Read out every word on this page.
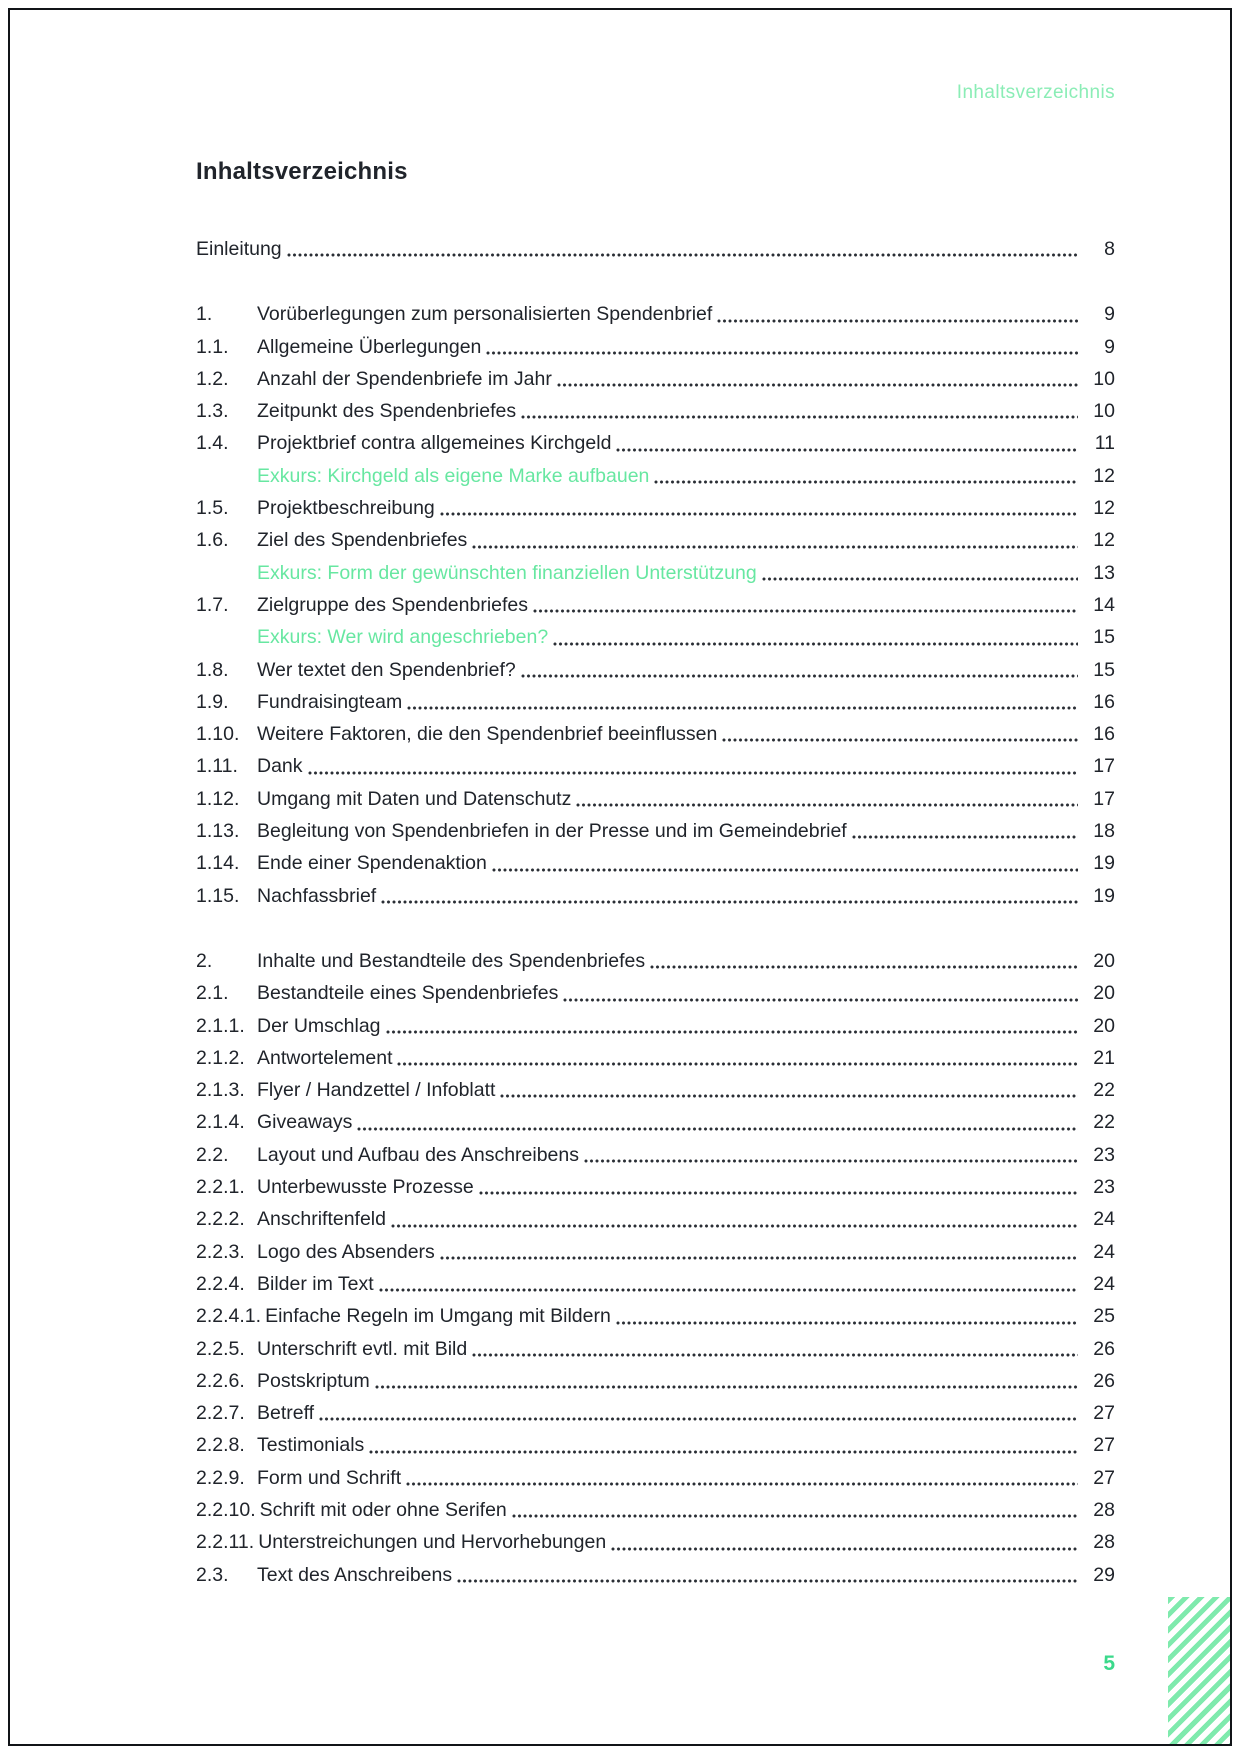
Inhaltsverzeichnis
Inhaltsverzeichnis
Einleitung	8
1.	Vorüberlegungen zum personalisierten Spendenbrief	9
1.1.	Allgemeine Überlegungen	9
1.2.	Anzahl der Spendenbriefe im Jahr	10
1.3.	Zeitpunkt des Spendenbriefes	10
1.4.	Projektbrief contra allgemeines Kirchgeld	11
Exkurs: Kirchgeld als eigene Marke aufbauen	12
1.5.	Projektbeschreibung	12
1.6.	Ziel des Spendenbriefes	12
Exkurs: Form der gewünschten finanziellen Unterstützung	13
1.7.	Zielgruppe des Spendenbriefes	14
Exkurs: Wer wird angeschrieben?	15
1.8.	Wer textet den Spendenbrief?	15
1.9.	Fundraisingteam	16
1.10. Weitere Faktoren, die den Spendenbrief beeinflussen	16
1.11. Dank	17
1.12. Umgang mit Daten und Datenschutz	17
1.13. Begleitung von Spendenbriefen in der Presse und im Gemeindebrief	18
1.14. Ende einer Spendenaktion	19
1.15. Nachfassbrief	19
2.	Inhalte und Bestandteile des Spendenbriefes	20
2.1.	Bestandteile eines Spendenbriefes	20
2.1.1. Der Umschlag	20
2.1.2. Antwortelement	21
2.1.3. Flyer / Handzettel / Infoblatt	22
2.1.4. Giveaways	22
2.2.	Layout und Aufbau des Anschreibens	23
2.2.1. Unterbewusste Prozesse	23
2.2.2. Anschriftenfeld	24
2.2.3. Logo des Absenders	24
2.2.4. Bilder im Text	24
2.2.4.1. Einfache Regeln im Umgang mit Bildern	25
2.2.5. Unterschrift evtl. mit Bild	26
2.2.6. Postskriptum	26
2.2.7. Betreff	27
2.2.8. Testimonials	27
2.2.9. Form und Schrift	27
2.2.10. Schrift mit oder ohne Serifen	28
2.2.11. Unterstreichungen und Hervorhebungen	28
2.3.	Text des Anschreibens	29
5
